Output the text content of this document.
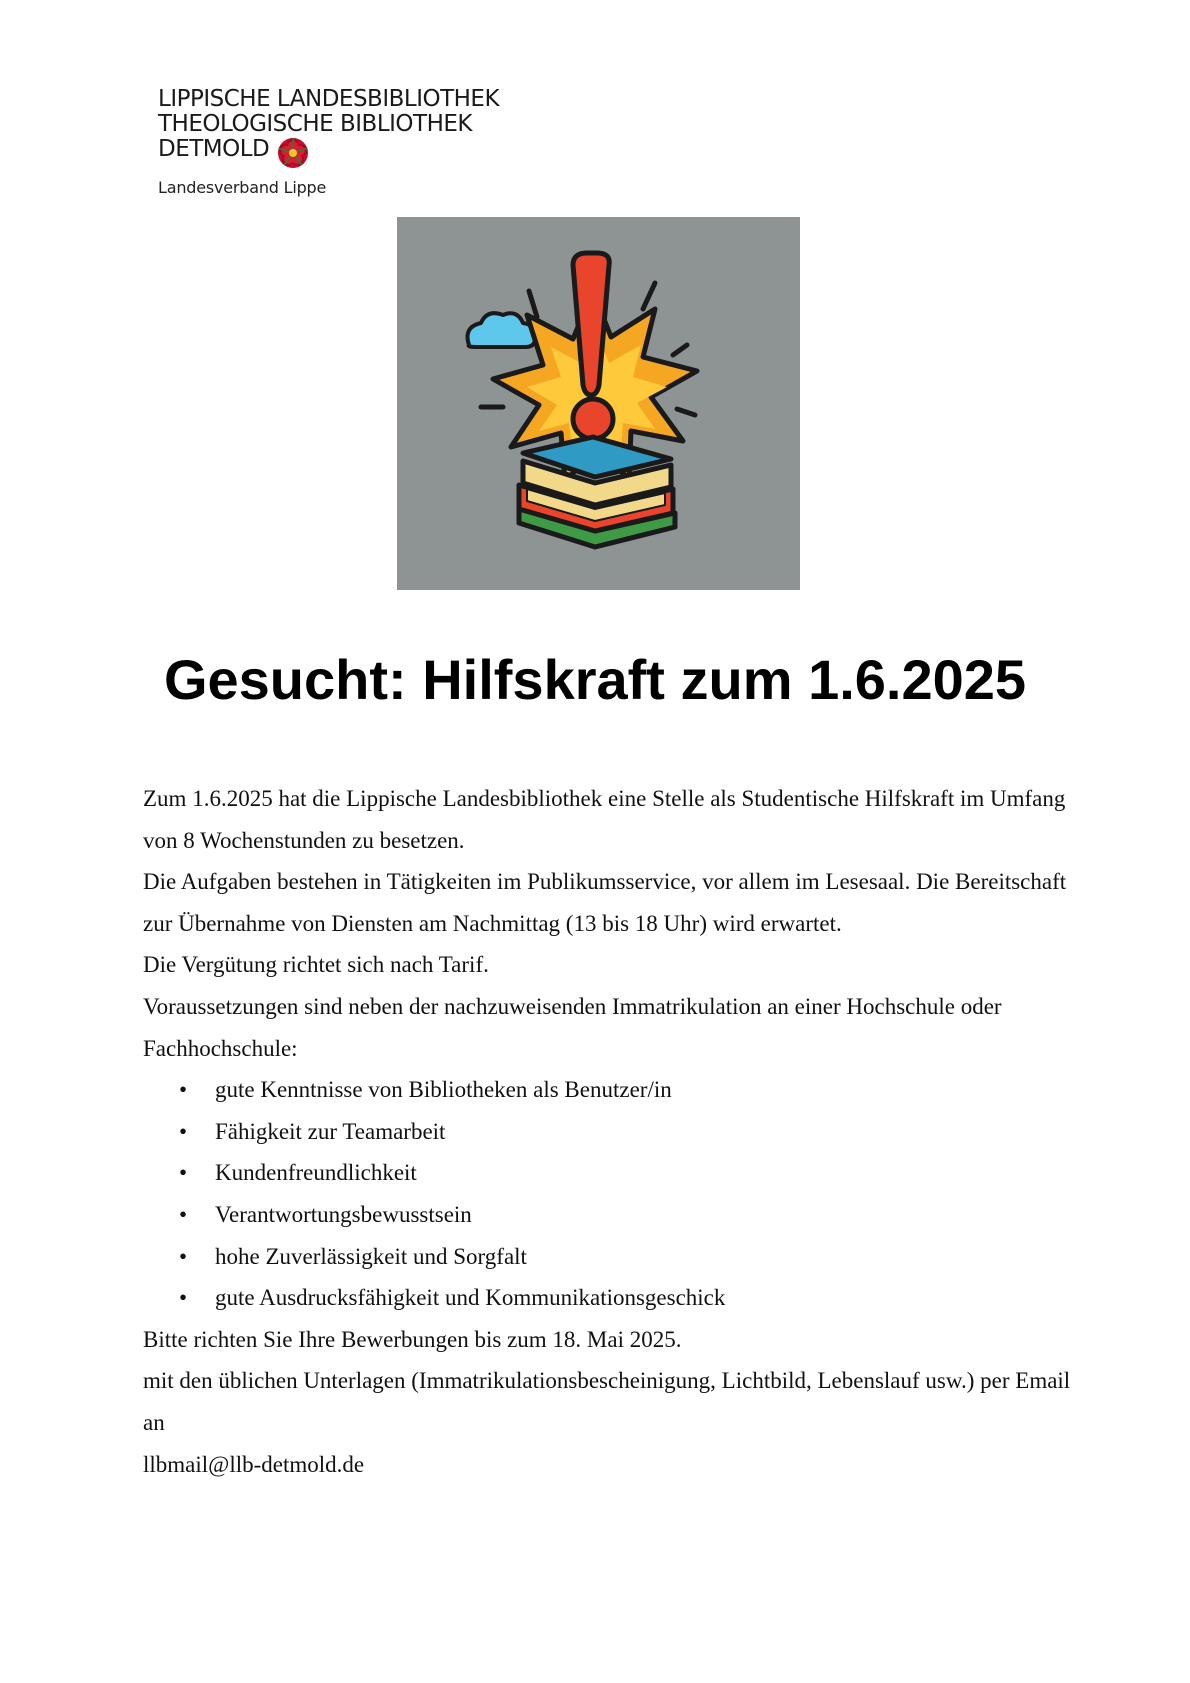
LIPPISCHE LANDESBIBLIOTHEK
THEOLOGISCHE BIBLIOTHEK
DETMOLD
Landesverband Lippe
Gesucht: Hilfskraft zum 1.6.2025

Zum 1.6.2025 hat die Lippische Landesbibliothek eine Stelle als Studentische Hilfskraft im Umfang von 8 Wochenstunden zu besetzen.

Die Aufgaben bestehen in Tätigkeiten im Publikumsservice, vor allem im Lesesaal. Die Bereitschaft zur Übernahme von Diensten am Nachmittag (13 bis 18 Uhr) wird erwartet.

Die Vergütung richtet sich nach Tarif.

Voraussetzungen sind neben der nachzuweisenden Immatrikulation an einer Hochschule oder Fachhochschule:

• gute Kenntnisse von Bibliotheken als Benutzer/in
• Fähigkeit zur Teamarbeit
• Kundenfreundlichkeit
• Verantwortungsbewusstsein
• hohe Zuverlässigkeit und Sorgfalt
• gute Ausdrucksfähigkeit und Kommunikationsgeschick

Bitte richten Sie Ihre Bewerbungen bis zum 18. Mai 2025.

mit den üblichen Unterlagen (Immatrikulationsbescheinigung, Lichtbild, Lebenslauf usw.) per Email an

llbmail@llb-detmold.de
